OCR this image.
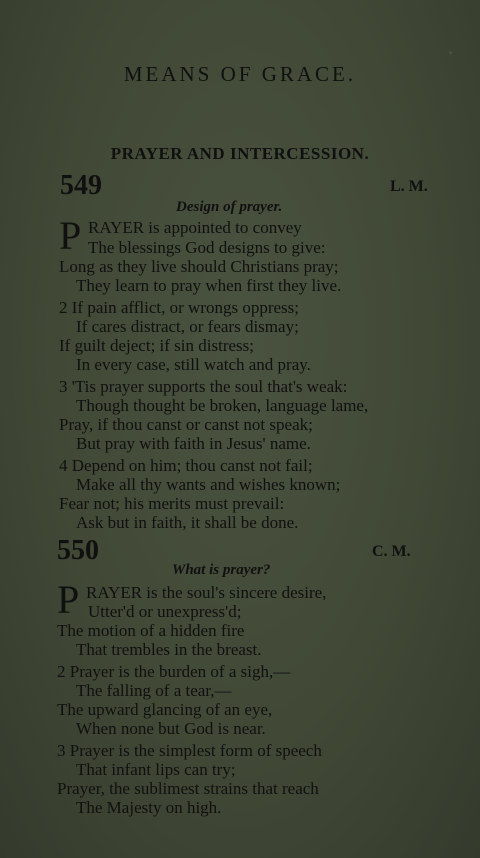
·
MEANS OF GRACE.
PRAYER AND INTERCESSION.
549	L. M.
Design of prayer.
P RAYER is appointed to convey
The blessings God designs to give:
Long as they live should Christians pray;
They learn to pray when first they live.
2 If pain afflict, or wrongs oppress;
If cares distract, or fears dismay;
If guilt deject; if sin distress;
In every case, still watch and pray.
3 'Tis prayer supports the soul that's weak:
Though thought be broken, language lame,
Pray, if thou canst or canst not speak;
But pray with faith in Jesus' name.
4 Depend on him; thou canst not fail;
Make all thy wants and wishes known;
Fear not; his merits must prevail:
Ask but in faith, it shall be done.
550	C. M.
What is prayer?
P RAYER is the soul's sincere desire,
Utter'd or unexpress'd;
The motion of a hidden fire
That trembles in the breast.
2 Prayer is the burden of a sigh,—
The falling of a tear,—
The upward glancing of an eye,
When none but God is near.
3 Prayer is the simplest form of speech
That infant lips can try;
Prayer, the sublimest strains that reach
The Majesty on high.
